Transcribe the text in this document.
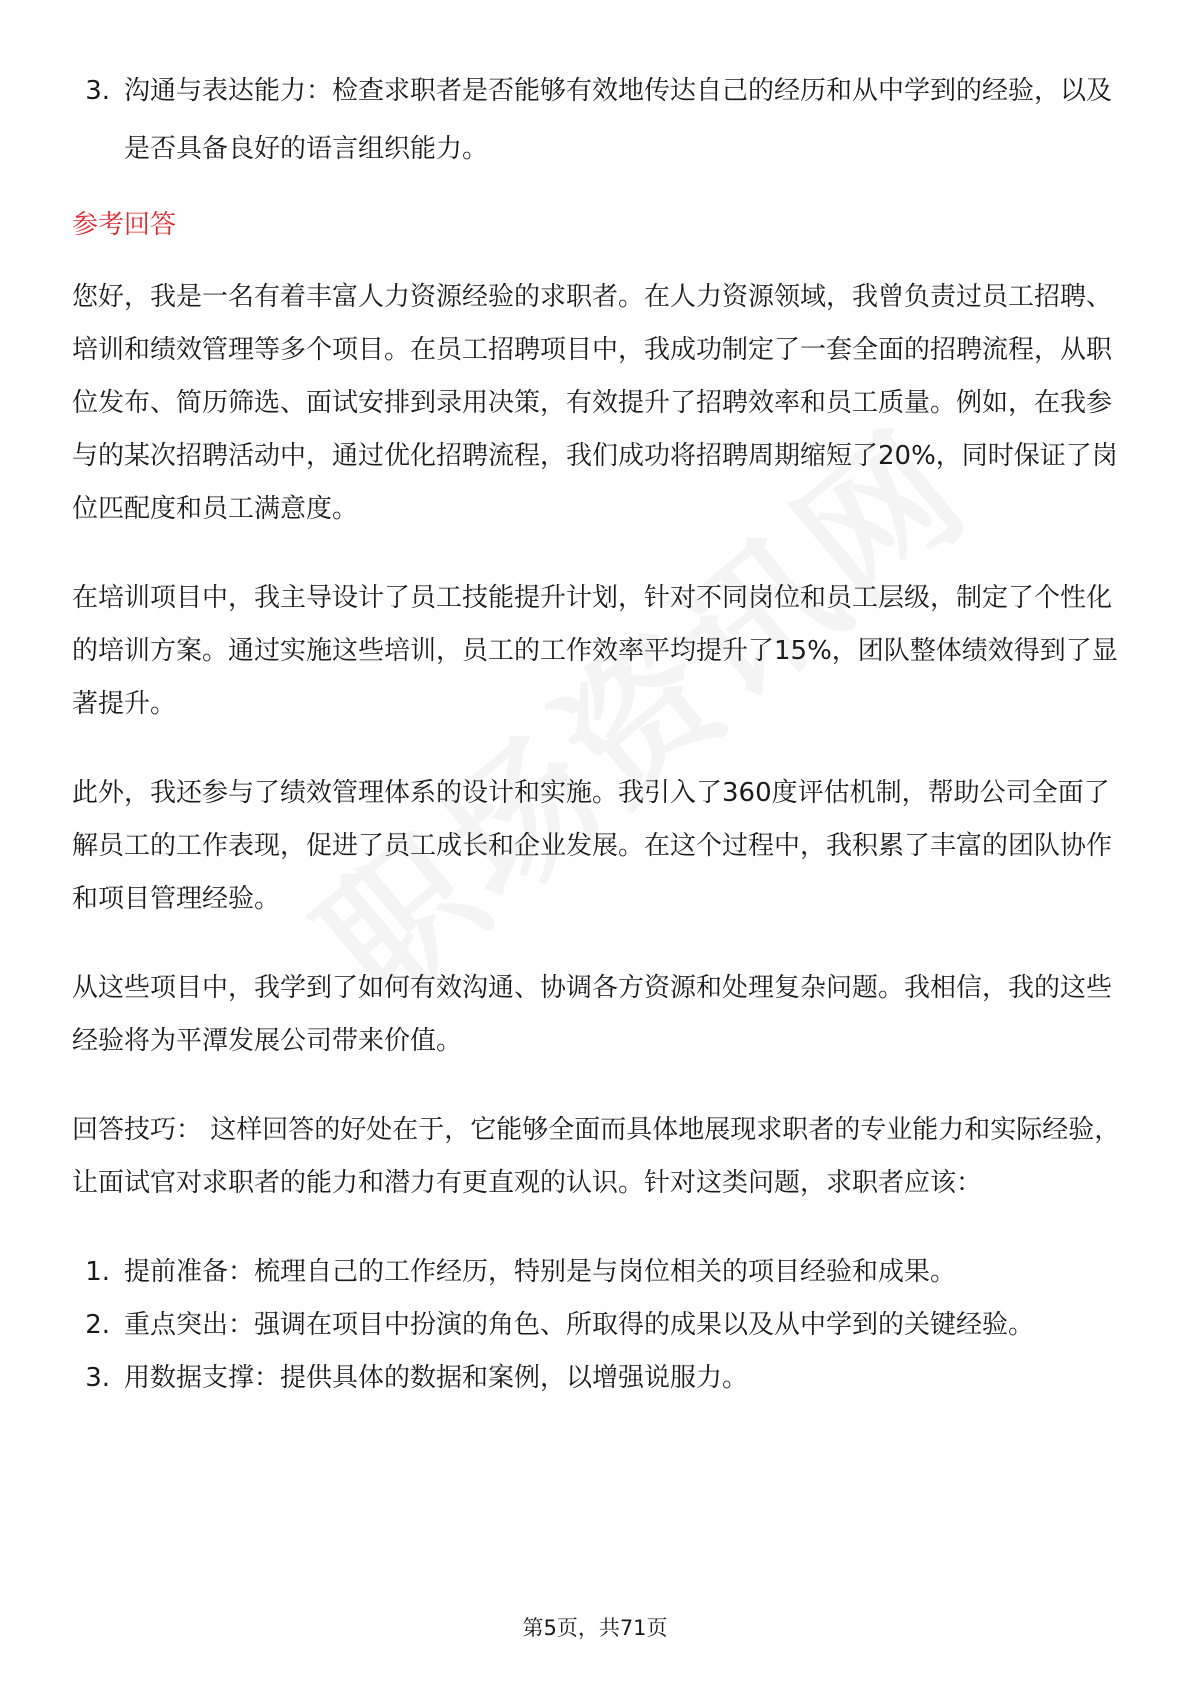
3. 沟通与表达能力：检查求职者是否能够有效地传达自己的经历和从中学到的经验，以及是否具备良好的语言组织能力。
参考回答

您好，我是一名有着丰富人力资源经验的求职者。在人力资源领域，我曾负责过员工招聘、培训和绩效管理等多个项目。在员工招聘项目中，我成功制定了一套全面的招聘流程，从职位发布、简历筛选、面试安排到录用决策，有效提升了招聘效率和员工质量。例如，在我参与的某次招聘活动中，通过优化招聘流程，我们成功将招聘周期缩短了20%，同时保证了岗位匹配度和员工满意度。

在培训项目中，我主导设计了员工技能提升计划，针对不同岗位和员工层级，制定了个性化的培训方案。通过实施这些培训，员工的工作效率平均提升了15%，团队整体绩效得到了显著提升。

此外，我还参与了绩效管理体系的设计和实施。我引入了360度评估机制，帮助公司全面了解员工的工作表现，促进了员工成长和企业发展。在这个过程中，我积累了丰富的团队协作和项目管理经验。

从这些项目中，我学到了如何有效沟通、协调各方资源和处理复杂问题。我相信，我的这些经验将为平潭发展公司带来价值。

回答技巧： 这样回答的好处在于，它能够全面而具体地展现求职者的专业能力和实际经验，让面试官对求职者的能力和潜力有更直观的认识。针对这类问题，求职者应该：

1. 提前准备：梳理自己的工作经历，特别是与岗位相关的项目经验和成果。
2. 重点突出：强调在项目中扮演的角色、所取得的成果以及从中学到的关键经验。
3. 用数据支撑：提供具体的数据和案例，以增强说服力。
第5页，共71页
